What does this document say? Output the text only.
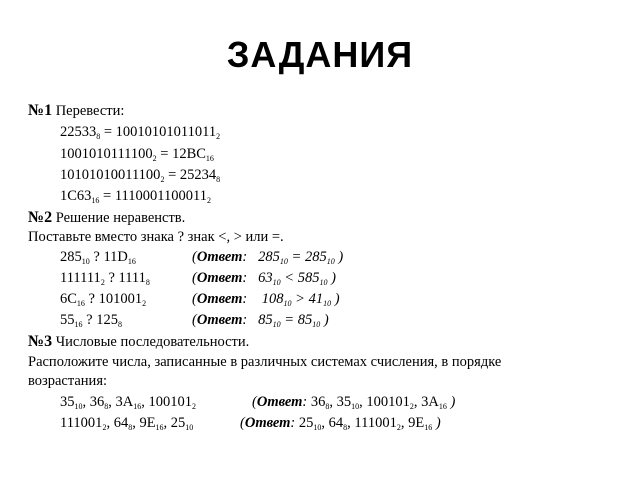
ЗАДАНИЯ
№1 Перевести:
$22533_8 = 10010101011011_2$
$1001010111100_2 = 12BC_{16}$
$10101010011100_2 = 25234_8$
$1C63_{16} = 1110001100011_2$
№2 Решение неравенств.
Поставьте вместо знака ? знак <, > или =.
$285_{10}$ ? $11D_{16}$	(Ответ:   $285_{10} = 285_{10}$ )
$111111_2$ ? $1111_8$	(Ответ:   $63_{10} < 585_{10}$ )
$6C_{16}$ ? $101001_2$	(Ответ:    $108_{10} > 41_{10}$ )
$55_{16}$ ? $125_8$	(Ответ:   $85_{10} = 85_{10}$ )
№3 Числовые последовательности.
Расположите числа, записанные в различных системах счисления, в порядке
возрастания:
$35_{10}$, $36_8$, $3A_{16}$, $100101_2$	(Ответ: $36_8$, $35_{10}$, $100101_2$, $3A_{16}$ )
$111001_2$, $64_8$, $9E_{16}$, $25_{10}$	(Ответ: $25_{10}$, $64_8$, $111001_2$, $9E_{16}$ )
